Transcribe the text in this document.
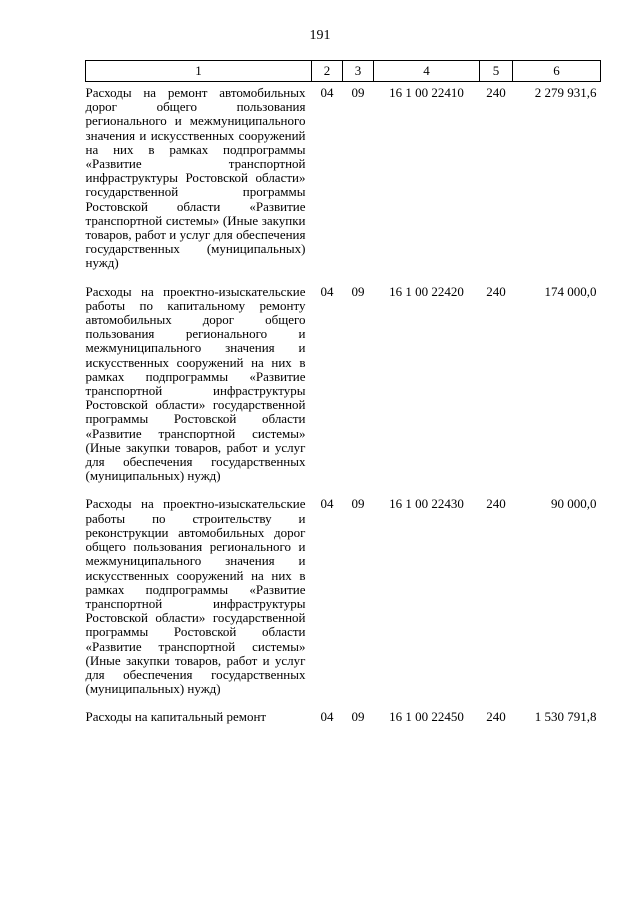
191
1	2	3	4	5	6
Расходы на ремонт автомобильных дорог общего пользования регионального и межмуниципального значения и искусственных сооружений на них в рамках подпрограммы «Развитие транспортной инфраструктуры Ростовской области» государственной программы Ростовской области «Развитие транспортной системы» (Иные закупки товаров, работ и услуг для обеспечения государственных (муниципальных) нужд)	04	09	16 1 00 22410	240	2 279 931,6
Расходы на проектно-изыскательские работы по капитальному ремонту автомобильных дорог общего пользования регионального и межмуниципального значения и искусственных сооружений на них в рамках подпрограммы «Развитие транспортной инфраструктуры Ростовской области» государственной программы Ростовской области «Развитие транспортной системы» (Иные закупки товаров, работ и услуг для обеспечения государственных (муниципальных) нужд)	04	09	16 1 00 22420	240	174 000,0
Расходы на проектно-изыскательские работы по строительству и реконструкции автомобильных дорог общего пользования регионального и межмуниципального значения и искусственных сооружений на них в рамках подпрограммы «Развитие транспортной инфраструктуры Ростовской области» государственной программы Ростовской области «Развитие транспортной системы» (Иные закупки товаров, работ и услуг для обеспечения государственных (муниципальных) нужд)	04	09	16 1 00 22430	240	90 000,0
Расходы на капитальный ремонт	04	09	16 1 00 22450	240	1 530 791,8
